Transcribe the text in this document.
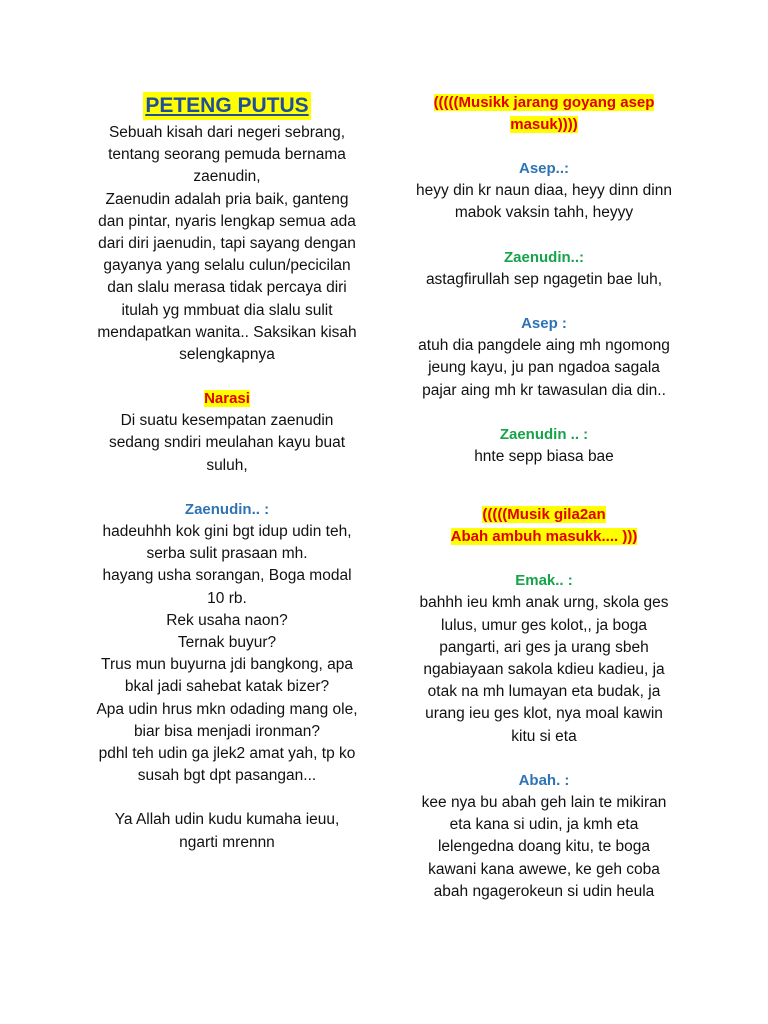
PETENG PUTUS
Sebuah kisah dari negeri sebrang,
tentang seorang pemuda bernama
zaenudin,
Zaenudin adalah pria baik, ganteng
dan pintar, nyaris lengkap semua ada
dari diri jaenudin, tapi sayang dengan
gayanya yang selalu culun/pecicilan
dan slalu merasa tidak percaya diri
itulah yg mmbuat dia slalu sulit
mendapatkan wanita.. Saksikan kisah
selengkapnya
Narasi
Di suatu kesempatan zaenudin
sedang sndiri meulahan kayu buat
suluh,
Zaenudin.. :
hadeuhhh kok gini bgt idup udin teh,
serba sulit prasaan mh.
hayang usha sorangan, Boga modal
10 rb.
Rek usaha naon?
Ternak buyur?
Trus mun buyurna jdi bangkong, apa
bkal jadi sahebat katak bizer?
Apa udin hrus mkn odading mang ole,
biar bisa menjadi ironman?
pdhl teh udin ga jlek2 amat yah, tp ko
susah bgt dpt pasangan...
Ya Allah udin kudu kumaha ieuu,
ngarti mrennn
(((((Musikk jarang goyang asep
masuk))))
Asep..:
heyy din kr naun diaa, heyy dinn dinn
mabok vaksin tahh, heyyy
Zaenudin..:
astagfirullah sep ngagetin bae luh,
Asep :
atuh dia pangdele aing mh ngomong
jeung kayu, ju pan ngadoa sagala
pajar aing mh kr tawasulan dia din..
Zaenudin .. :
hnte sepp biasa bae
(((((Musik gila2an
Abah ambuh masukk.... )))
Emak.. :
bahhh ieu kmh anak urng, skola ges
lulus, umur ges kolot,, ja boga
pangarti, ari ges ja urang sbeh
ngabiayaan sakola kdieu kadieu, ja
otak na mh lumayan eta budak, ja
urang ieu ges klot, nya moal kawin
kitu si eta
Abah. :
kee nya bu abah geh lain te mikiran
eta kana si udin, ja kmh eta
lelengedna doang kitu, te boga
kawani kana awewe, ke geh coba
abah ngagerokeun si udin heula
